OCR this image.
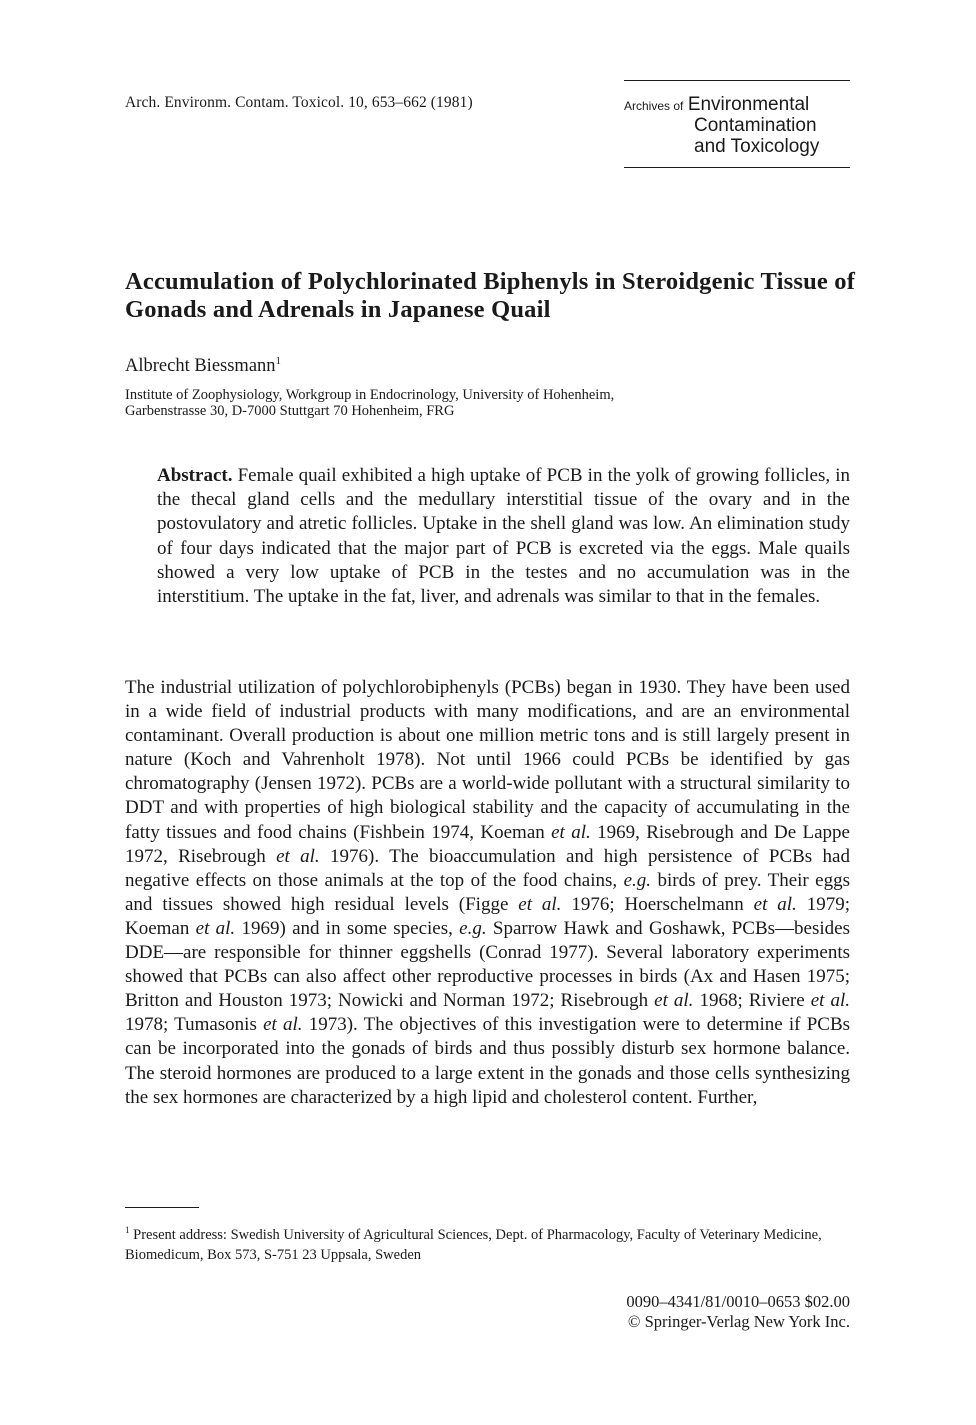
Arch. Environm. Contam. Toxicol. 10, 653–662 (1981)	Archives of Environmental
Contamination
and Toxicology
Accumulation of Polychlorinated Biphenyls in Steroidgenic Tissue of Gonads and Adrenals in Japanese Quail
Albrecht Biessmann$^1$
Institute of Zoophysiology, Workgroup in Endocrinology, University of Hohenheim,
Garbenstrasse 30, D-7000 Stuttgart 70 Hohenheim, FRG

Abstract. Female quail exhibited a high uptake of PCB in the yolk of growing follicles, in the thecal gland cells and the medullary interstitial tissue of the ovary and in the postovulatory and atretic follicles. Uptake in the shell gland was low. An elimination study of four days indicated that the major part of PCB is excreted via the eggs. Male quails showed a very low uptake of PCB in the testes and no accumulation was in the interstitium. The uptake in the fat, liver, and adrenals was similar to that in the females.

The industrial utilization of polychlorobiphenyls (PCBs) began in 1930. They have been used in a wide field of industrial products with many modifications, and are an environmental contaminant. Overall production is about one million metric tons and is still largely present in nature (Koch and Vahrenholt 1978). Not until 1966 could PCBs be identified by gas chromatography (Jensen 1972). PCBs are a world-wide pollutant with a structural similarity to DDT and with properties of high biological stability and the capacity of accumulating in the fatty tissues and food chains (Fishbein 1974, Koeman et al. 1969, Risebrough and De Lappe 1972, Risebrough et al. 1976). The bioaccumulation and high persistence of PCBs had negative effects on those animals at the top of the food chains, e.g. birds of prey. Their eggs and tissues showed high residual levels (Figge et al. 1976; Hoerschelmann et al. 1979; Koeman et al. 1969) and in some species, e.g. Sparrow Hawk and Goshawk, PCBs—besides DDE—are responsible for thinner eggshells (Conrad 1977). Several laboratory experiments showed that PCBs can also affect other reproductive processes in birds (Ax and Hasen 1975; Britton and Houston 1973; Nowicki and Norman 1972; Risebrough et al. 1968; Riviere et al. 1978; Tumasonis et al. 1973). The objectives of this investigation were to determine if PCBs can be incorporated into the gonads of birds and thus possibly disturb sex hormone balance. The steroid hormones are produced to a large extent in the gonads and those cells synthesizing the sex hormones are characterized by a high lipid and cholesterol content. Further,

$^1$ Present address: Swedish University of Agricultural Sciences, Dept. of Pharmacology, Faculty of Veterinary Medicine, Biomedicum, Box 573, S-751 23 Uppsala, Sweden
0090–4341/81/0010–0653 $02.00
© Springer-Verlag New York Inc.
